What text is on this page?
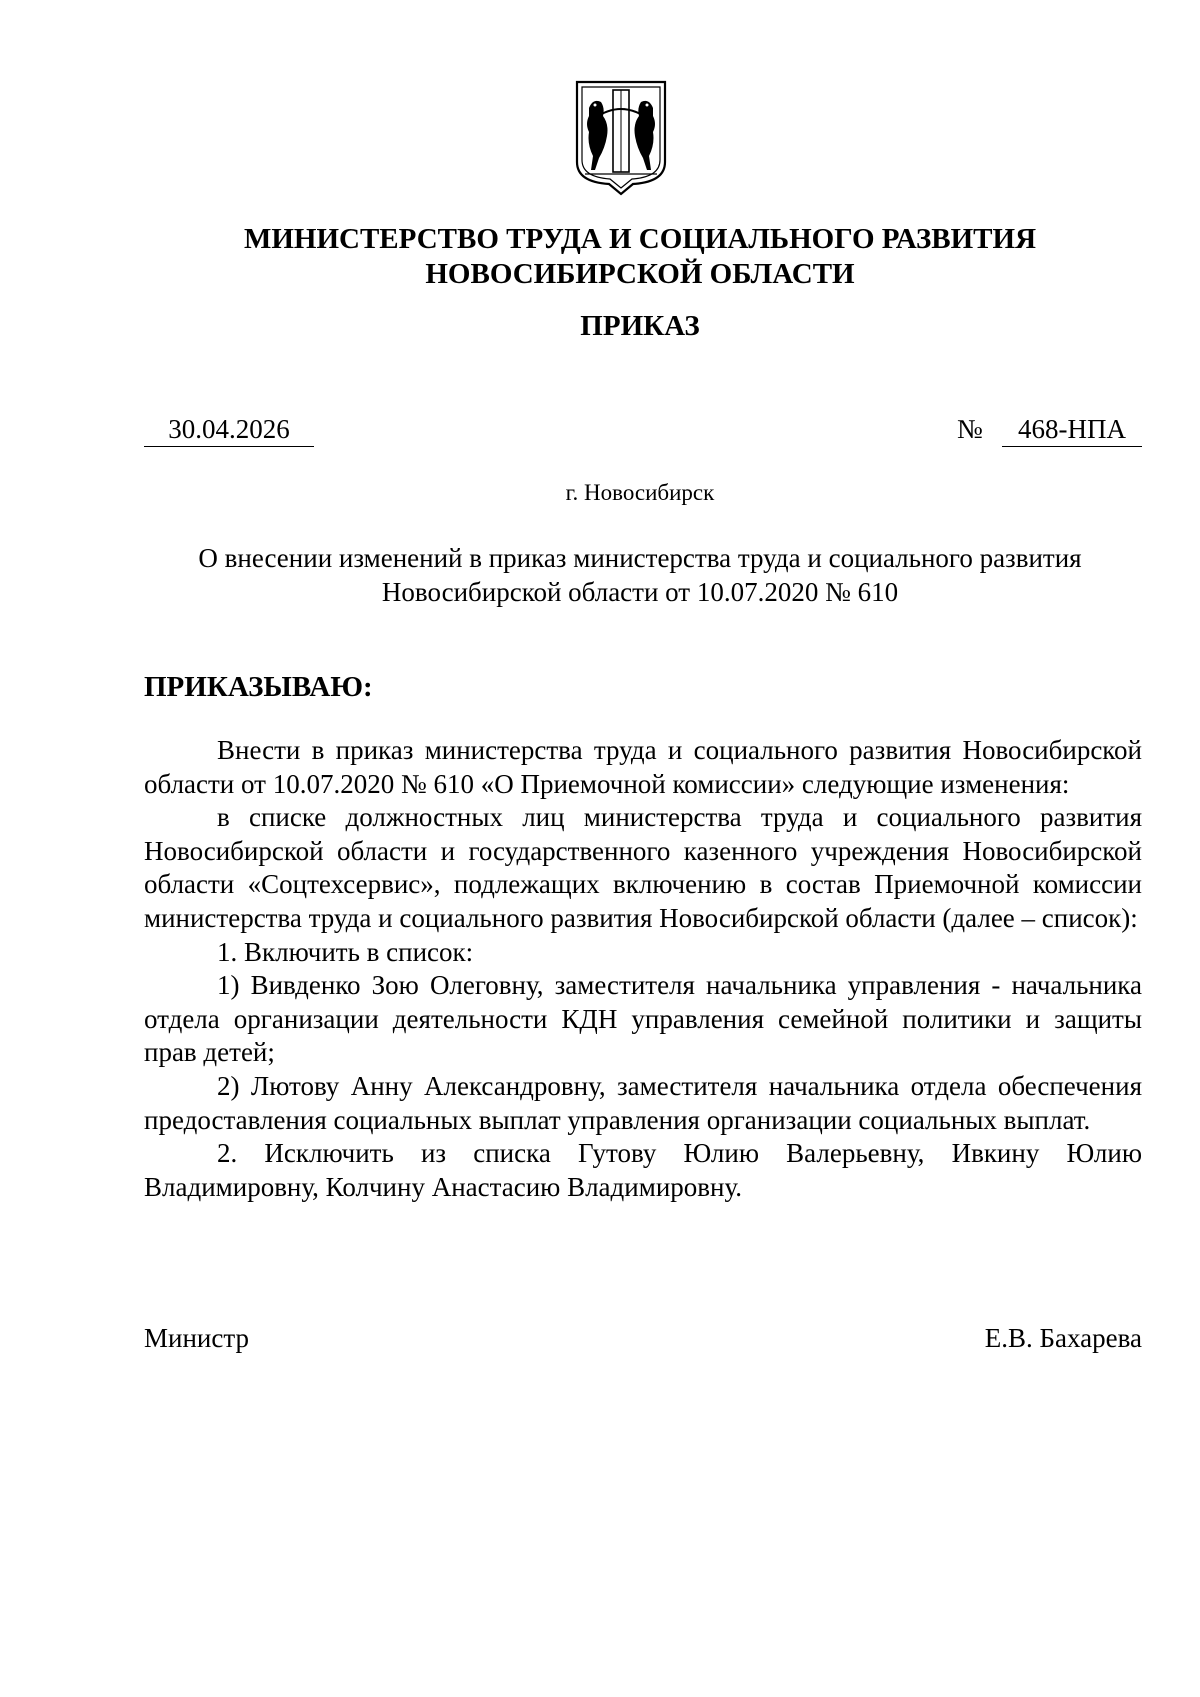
МИНИСТЕРСТВО ТРУДА И СОЦИАЛЬНОГО РАЗВИТИЯ
НОВОСИБИРСКОЙ ОБЛАСТИ
ПРИКАЗ
30.04.2026	№	468-НПА
г. Новосибирск
О внесении изменений в приказ министерства труда и социального развития
Новосибирской области от 10.07.2020 № 610
ПРИКАЗЫВАЮ:

Внести в приказ министерства труда и социального развития Новосибирской области от 10.07.2020 № 610 «О Приемочной комиссии» следующие изменения:

в списке должностных лиц министерства труда и социального развития Новосибирской области и государственного казенного учреждения Новосибирской области «Соцтехсервис», подлежащих включению в состав Приемочной комиссии министерства труда и социального развития Новосибирской области (далее – список):

1. Включить в список:

1) Вивденко Зою Олеговну, заместителя начальника управления - начальника отдела организации деятельности КДН управления семейной политики и защиты прав детей;

2) Лютову Анну Александровну, заместителя начальника отдела обеспечения предоставления социальных выплат управления организации социальных выплат.

2. Исключить из списка Гутову Юлию Валерьевну, Ивкину Юлию Владимировну, Колчину Анастасию Владимировну.

Министр	Е.В. Бахарева
